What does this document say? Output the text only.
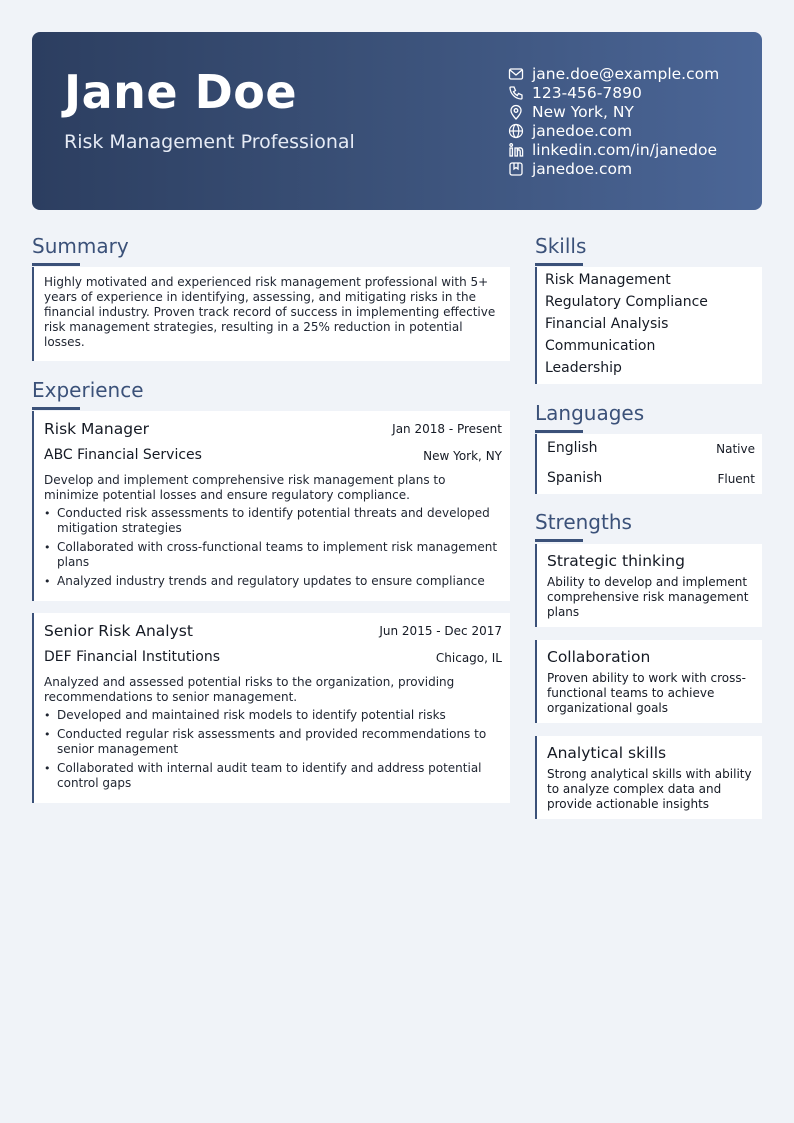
Jane Doe
Risk Management Professional
jane.doe@example.com
123-456-7890
New York, NY
janedoe.com
linkedin.com/in/janedoe
janedoe.com
Summary
Highly motivated and experienced risk management professional with 5+ years of experience in identifying, assessing, and mitigating risks in the financial industry. Proven track record of success in implementing effective risk management strategies, resulting in a 25% reduction in potential losses.
Experience
Risk Manager	Jan 2018 - Present
ABC Financial Services	New York, NY
Develop and implement comprehensive risk management plans to minimize potential losses and ensure regulatory compliance.
• Conducted risk assessments to identify potential threats and developed mitigation strategies
• Collaborated with cross-functional teams to implement risk management plans
• Analyzed industry trends and regulatory updates to ensure compliance
Senior Risk Analyst	Jun 2015 - Dec 2017
DEF Financial Institutions	Chicago, IL
Analyzed and assessed potential risks to the organization, providing recommendations to senior management.
• Developed and maintained risk models to identify potential risks
• Conducted regular risk assessments and provided recommendations to senior management
• Collaborated with internal audit team to identify and address potential control gaps
Skills
Risk Management
Regulatory Compliance
Financial Analysis
Communication
Leadership
Languages
English	Native
Spanish	Fluent
Strengths
Strategic thinking
Ability to develop and implement comprehensive risk management plans
Collaboration
Proven ability to work with cross-functional teams to achieve organizational goals
Analytical skills
Strong analytical skills with ability to analyze complex data and provide actionable insights
